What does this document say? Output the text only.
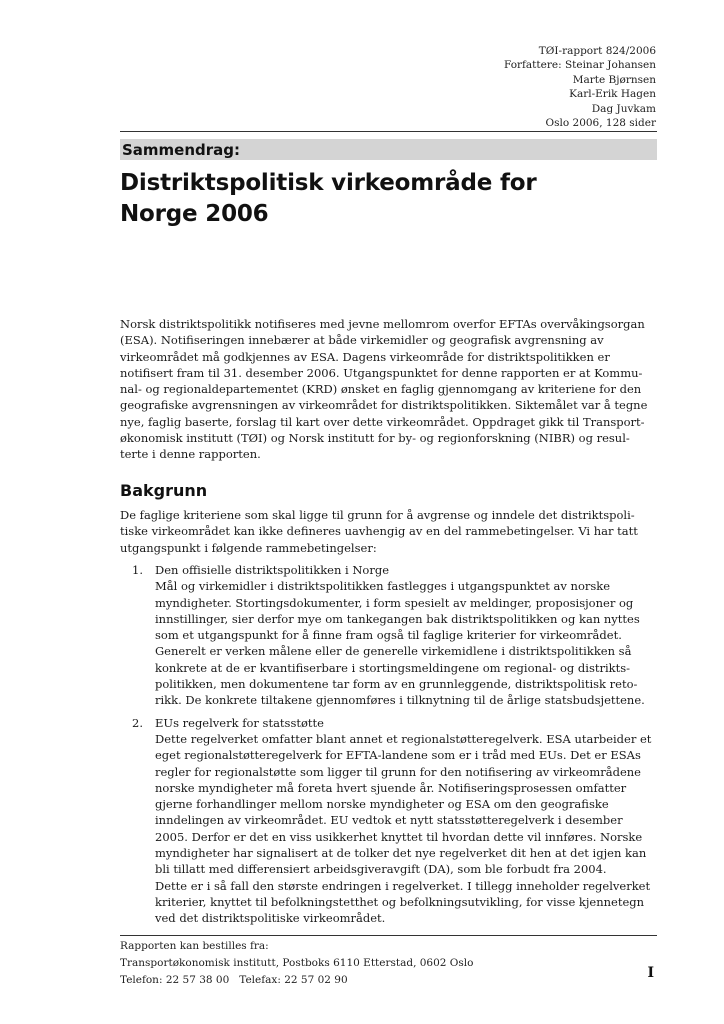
TØI-rapport 824/2006
Forfattere: Steinar Johansen
Marte Bjørnsen
Karl-Erik Hagen
Dag Juvkam
Oslo 2006, 128 sider
Sammendrag:
Distriktspolitisk virkeområde for
Norge 2006
Norsk distriktspolitikk notifiseres med jevne mellomrom overfor EFTAs overvåkingsorgan
(ESA). Notifiseringen innebærer at både virkemidler og geografisk avgrensning av
virkeområdet må godkjennes av ESA. Dagens virkeområde for distriktspolitikken er
notifisert fram til 31. desember 2006. Utgangspunktet for denne rapporten er at Kommu-
nal- og regionaldepartementet (KRD) ønsket en faglig gjennomgang av kriteriene for den
geografiske avgrensningen av virkeområdet for distriktspolitikken. Siktemålet var å tegne
nye, faglig baserte, forslag til kart over dette virkeområdet. Oppdraget gikk til Transport-
økonomisk institutt (TØI) og Norsk institutt for by- og regionforskning (NIBR) og resul-
terte i denne rapporten.
Bakgrunn
De faglige kriteriene som skal ligge til grunn for å avgrense og inndele det distriktspoli-
tiske virkeområdet kan ikke defineres uavhengig av en del rammebetingelser. Vi har tatt
utgangspunkt i følgende rammebetingelser:
1. Den offisielle distriktspolitikken i Norge
Mål og virkemidler i distriktspolitikken fastlegges i utgangspunktet av norske
myndigheter. Stortingsdokumenter, i form spesielt av meldinger, proposisjoner og
innstillinger, sier derfor mye om tankegangen bak distriktspolitikken og kan nyttes
som et utgangspunkt for å finne fram også til faglige kriterier for virkeområdet.
Generelt er verken målene eller de generelle virkemidlene i distriktspolitikken så
konkrete at de er kvantifiserbare i stortingsmeldingene om regional- og distrikts-
politikken, men dokumentene tar form av en grunnleggende, distriktspolitisk reto-
rikk. De konkrete tiltakene gjennomføres i tilknytning til de årlige statsbudsjettene.
2. EUs regelverk for statsstøtte
Dette regelverket omfatter blant annet et regionalstøtteregelverk. ESA utarbeider et
eget regionalstøtteregelverk for EFTA-landene som er i tråd med EUs. Det er ESAs
regler for regionalstøtte som ligger til grunn for den notifisering av virkeområdene
norske myndigheter må foreta hvert sjuende år. Notifiseringsprosessen omfatter
gjerne forhandlinger mellom norske myndigheter og ESA om den geografiske
inndelingen av virkeområdet. EU vedtok et nytt statsstøtteregelverk i desember
2005. Derfor er det en viss usikkerhet knyttet til hvordan dette vil innføres. Norske
myndigheter har signalisert at de tolker det nye regelverket dit hen at det igjen kan
bli tillatt med differensiert arbeidsgiveravgift (DA), som ble forbudt fra 2004.
Dette er i så fall den største endringen i regelverket. I tillegg inneholder regelverket
kriterier, knyttet til befolkningstetthet og befolkningsutvikling, for visse kjennetegn
ved det distriktspolitiske virkeområdet.
Rapporten kan bestilles fra:
Transportøkonomisk institutt, Postboks 6110 Etterstad, 0602 Oslo
Telefon: 22 57 38 00 Telefax: 22 57 02 90	I
